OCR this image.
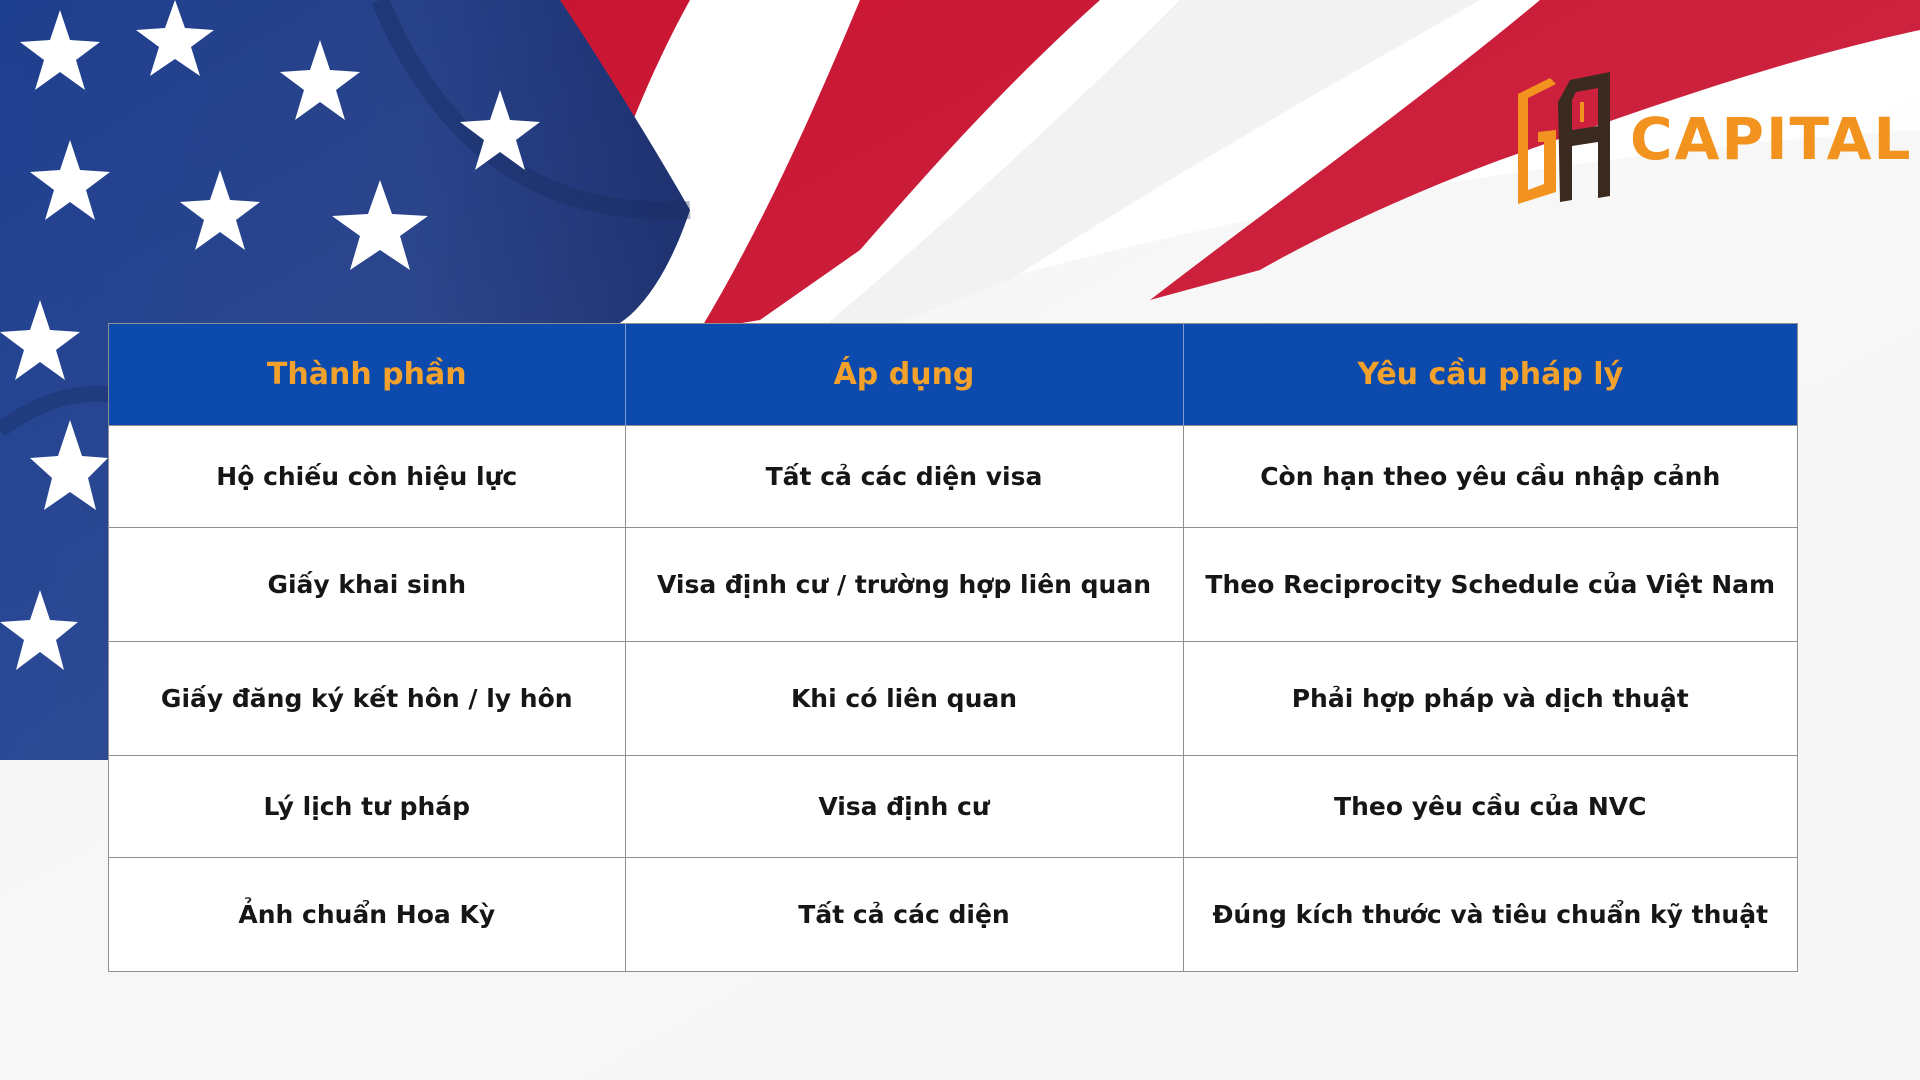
CAPITAL
Thành phần	Áp dụng	Yêu cầu pháp lý
Hộ chiếu còn hiệu lực	Tất cả các diện visa	Còn hạn theo yêu cầu nhập cảnh
Giấy khai sinh	Visa định cư / trường hợp liên quan	Theo Reciprocity Schedule của Việt Nam
Giấy đăng ký kết hôn / ly hôn	Khi có liên quan	Phải hợp pháp và dịch thuật
Lý lịch tư pháp	Visa định cư	Theo yêu cầu của NVC
Ảnh chuẩn Hoa Kỳ	Tất cả các diện	Đúng kích thước và tiêu chuẩn kỹ thuật
